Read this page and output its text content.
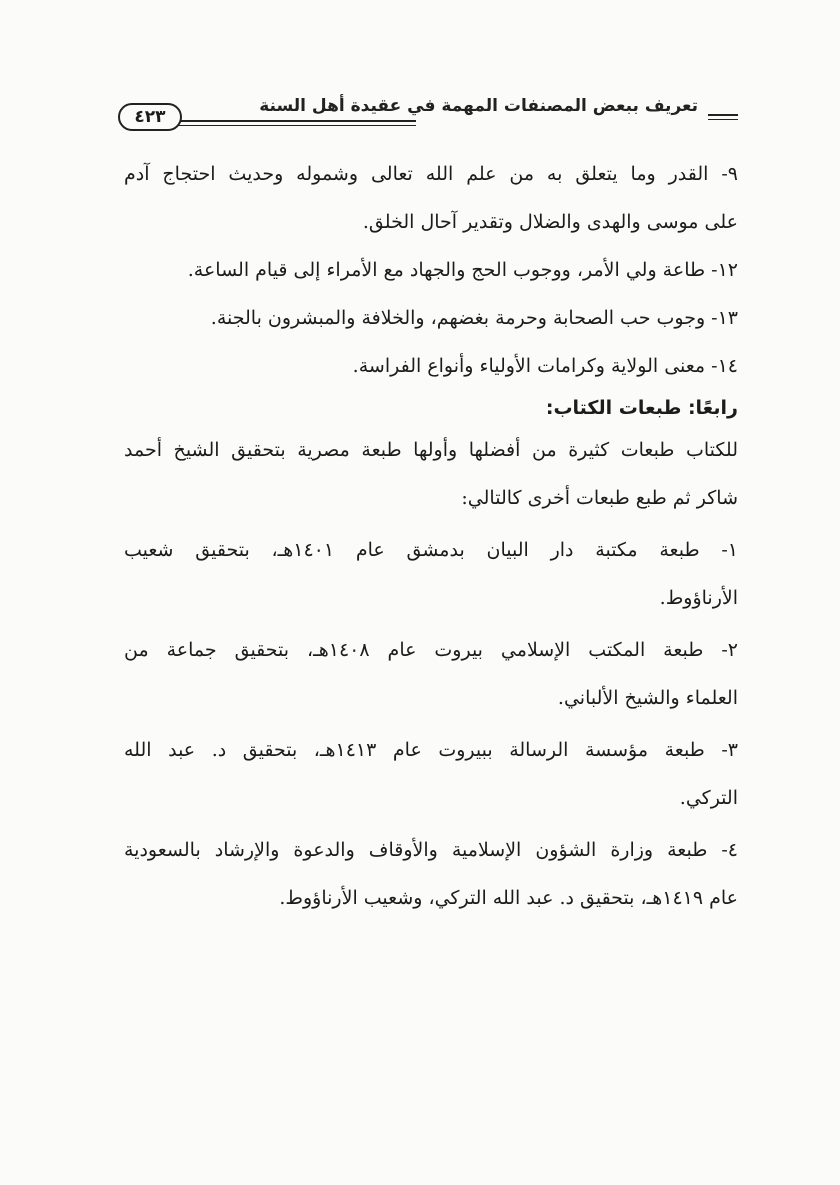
تعريف ببعض المصنفات المهمة في عقيدة أهل السنة
٤٢٣
٩- القدر وما يتعلق به من علم الله تعالى وشموله وحديث احتجاج آدم
على موسى والهدى والضلال وتقدير آحال الخلق.
١٢- طاعة ولي الأمر، ووجوب الحج والجهاد مع الأمراء إلى قيام الساعة.
١٣- وجوب حب الصحابة وحرمة بغضهم، والخلافة والمبشرون بالجنة.
١٤- معنى الولاية وكرامات الأولياء وأنواع الفراسة.
رابعًا: طبعات الكتاب:
للكتاب طبعات كثيرة من أفضلها وأولها طبعة مصرية بتحقيق الشيخ أحمد
شاكر ثم طبع طبعات أخرى كالتالي:
١- طبعة مكتبة دار البيان بدمشق عام ١٤٠١هـ، بتحقيق شعيب
الأرناؤوط.
٢- طبعة المكتب الإسلامي بيروت عام ١٤٠٨هـ، بتحقيق جماعة من
العلماء والشيخ الألباني.
٣- طبعة مؤسسة الرسالة ببيروت عام ١٤١٣هـ، بتحقيق د. عبد الله
التركي.
٤- طبعة وزارة الشؤون الإسلامية والأوقاف والدعوة والإرشاد بالسعودية
عام ١٤١٩هـ، بتحقيق د. عبد الله التركي، وشعيب الأرناؤوط.
